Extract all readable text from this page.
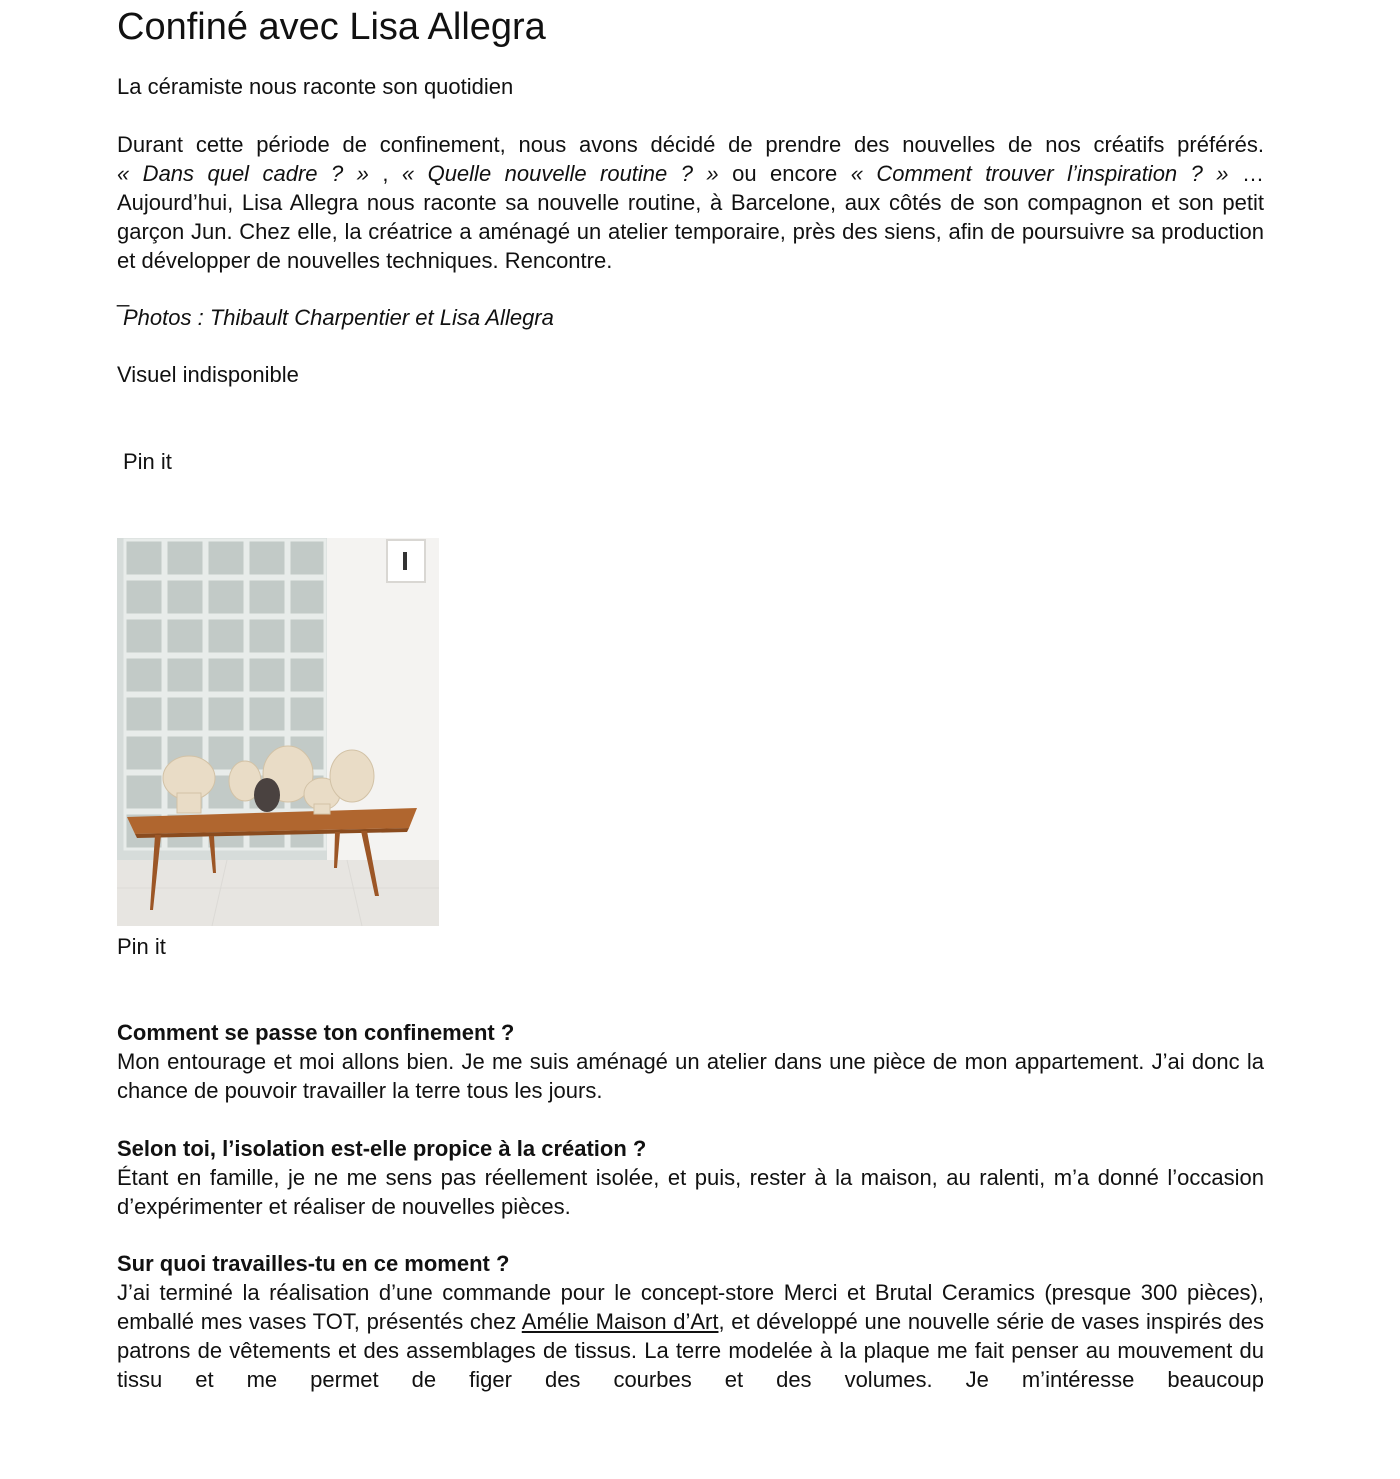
Confiné avec Lisa Allegra

La céramiste nous raconte son quotidien

Durant cette période de confinement, nous avons décidé de prendre des nouvelles de nos créatifs préférés.
« Dans quel cadre ? » , « Quelle nouvelle routine ? » ou encore « Comment trouver l’inspiration ? » …
Aujourd’hui, Lisa Allegra nous raconte sa nouvelle routine, à Barcelone, aux côtés de son compagnon et son petit garçon Jun. Chez elle, la créatrice a aménagé un atelier temporaire, près des siens, afin de poursuivre sa production et développer de nouvelles techniques. Rencontre.
_

Photos : Thibault Charpentier et Lisa Allegra

Visuel indisponible

Pin it
Pin it

Comment se passe ton confinement ?

Mon entourage et moi allons bien. Je me suis aménagé un atelier dans une pièce de mon appartement. J’ai donc la chance de pouvoir travailler la terre tous les jours.

Selon toi, l’isolation est-elle propice à la création ?

Étant en famille, je ne me sens pas réellement isolée, et puis, rester à la maison, au ralenti, m’a donné l’occasion d’expérimenter et réaliser de nouvelles pièces.

Sur quoi travailles-tu en ce moment ?

J’ai terminé la réalisation d’une commande pour le concept-store Merci et Brutal Ceramics (presque 300 pièces), emballé mes vases TOT, présentés chez Amélie Maison d’Art, et développé une nouvelle série de vases inspirés des patrons de vêtements et des assemblages de tissus. La terre modelée à la plaque me fait penser au mouvement du tissu et me permet de figer des courbes et des volumes. Je m’intéresse beaucoup
